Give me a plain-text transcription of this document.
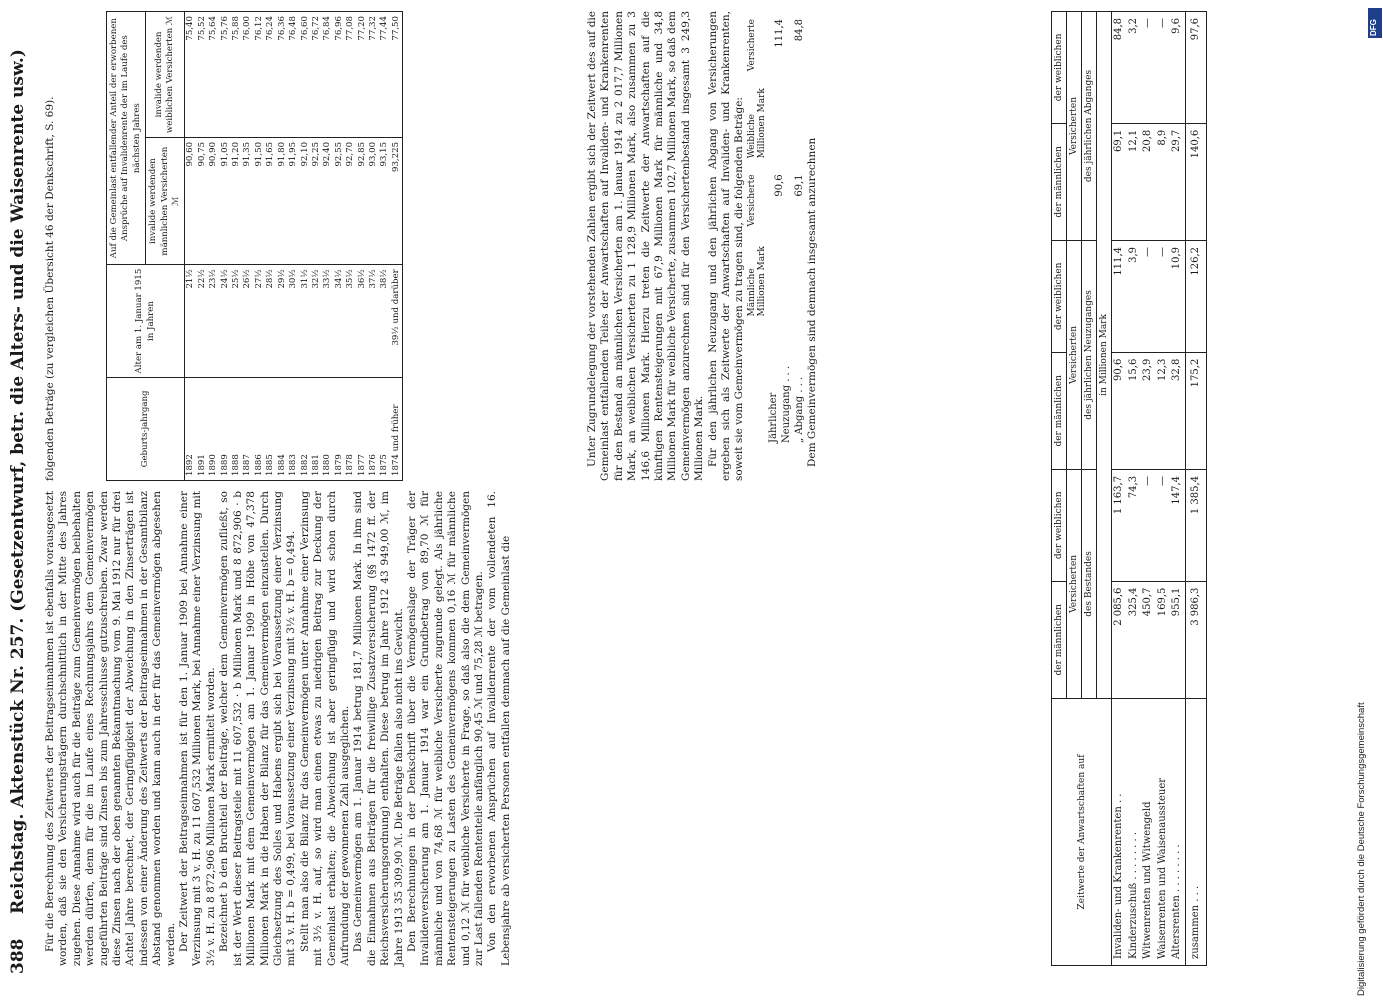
388
Reichstag. Aktenstück Nr. 257. (Gesetzentwurf, betr. die Alters- und die Waisenrente usw.) Für die Berechnung des Zeitwerts der Beitragseinnahmen ist ebenfalls vorausgesetzt worden, daß sie den Versicherungsträgern durchschnittlich in der Mitte des Jahres zugehen. Diese Annahme wird auch für die Beiträge zum Gemeinvermögen beibehalten werden dürfen, denn für die im Laufe eines Rechnungsjahrs dem Gemeinvermögen zugeführten Beiträge sind Zinsen bis zum Jahresschlusse gutzuschreiben. Zwar werden diese Zinsen nach der oben genannten Bekanntmachung vom 9. Mai 1912 nur für drei Achtel Jahre berechnet, der Geringfügigkeit der Abweichung in den Zinserträgen ist indessen von einer Änderung des Zeitwerts der Beitragseinnahmen in der Gesamtbilanz Abstand genommen worden und kann auch in der für das Gemeinvermögen abgesehen werden. Der Zeitwert der Beitragseinnahmen ist für den 1. Januar 1909 bei Annahme einer Verzinsung mit 3 v. H. zu 11 607,532 Millionen Mark, bei Annahme einer Verzinsung mit 3½ v. H. zu 8 872,906 Millionen Mark ermittelt worden. Bezeichnet b den Bruchteil der Beiträge, welcher dem Gemeinvermögen zufließt, so ist der Wert dieser Beitragsteile mit 11 607,532 · b Millionen Mark und 8 872,906 · b Millionen Mark mit dem Gemeinvermögen am 1. Januar 1909 in Höhe von 47,378 Millionen Mark in die Haben der Bilanz für das Gemeinvermögen einzustellen. Durch Gleichsetzung des Solles und Habens ergibt sich bei Voraussetzung einer Verzinsung mit 3 v. H. b = 0,499, bei Voraussetzung einer Verzinsung mit 3½ v. H. b = 0,494. Stellt man also die Bilanz für das Gemeinvermögen unter Annahme einer Verzinsung mit 3½ v. H. auf, so wird man einen etwas zu niedrigen Beitrag zur Deckung der Gemeinlast erhalten; die Abweichung ist aber geringfügig und wird schon durch Aufrundung der gewonnenen Zahl ausgeglichen. Das Gemeinvermögen am 1. Januar 1914 betrug 181,7 Millionen Mark. In ihm sind die Einnahmen aus Beiträgen für die freiwillige Zusatzversicherung (§§ 1472 ff. der Reichsversicherungsordnung) enthalten. Diese betrug im Jahre 1912 43 949,00 ℳ, im Jahre 1913 35 309,90 ℳ. Die Beträge fallen also nicht ins Gewicht. Den Berechnungen in der Denkschrift über die Vermögenslage der Träger der Invalidenversicherung am 1. Januar 1914 war ein Grundbetrag von 89,70 ℳ für männliche und von 74,68 ℳ für weibliche Versicherte zugrunde gelegt. Als jährliche Rentensteigerungen zu Lasten des Gemeinvermögens kommen 0,16 ℳ für männliche und 0,12 ℳ für weibliche Versicherte in Frage, so daß also die dem Gemeinvermögen zur Last fallenden Rententeile anfänglich 90,45 ℳ und 75,28 ℳ betragen. Von den erworbenen Ansprüchen auf Invalidenrente der vom vollendeten 16. Lebensjahre ab versicherten Personen entfallen demnach auf die Gemeinlast die

folgenden Beträge (zu vergleichen Übersicht 46 der Denkschrift, S. 69).	Geburts-jahrgang	Alter am 1. Januar 1915 in Jahren	Auf die Gemeinlast entfallender Anteil der erworbenen Ansprüche auf Invalidenrente der im Laufe des nächsten Jahres	
		invalide werdenden männlichen Versicherten ℳ	invalide werdenden weiblichen Versicherten ℳ
1892	21½	90,60	75,40
1891	22½	90,75	75,52
1890	23½	90,90	75,64
1889	24½	91,05	75,76
1888	25½	91,20	75,88
1887	26½	91,35	76,00
1886	27½	91,50	76,12
1885	28½	91,65	76,24
1884	29½	91,80	76,36
1883	30½	91,95	76,48
1882	31½	92,10	76,60
1881	32½	92,25	76,72
1880	33½	92,40	76,84
1879	34½	92,55	76,96
1878	35½	92,70	77,08
1877	36½	92,85	77,20
1876	37½	93,00	77,32
1875	38½	93,15	77,44
1874 und früher	39½ und darüber	93,225	77,50	Unter Zugrundelegung der vorstehenden Zahlen ergibt sich der Zeitwert des auf die Gemeinlast entfallenden Teiles der Anwartschaften auf Invaliden- und Krankenrenten für den Bestand an männlichen Versicherten am 1. Januar 1914 zu 2 017,7 Millionen Mark, an weiblichen Versicherten zu 1 128,9 Millionen Mark, also zusammen zu 3 146,6 Millionen Mark. Hierzu treten die Zeitwerte der Anwartschaften auf die künftigen Rentensteigerungen mit 67,9 Millionen Mark für männliche und 34,8 Millionen Mark für weibliche Versicherte, zusammen 102,7 Millionen Mark, so daß dem Gemeinvermögen anzurechnen sind für den Versichertenbestand insgesamt 3 249,3 Millionen Mark. Für den jährlichen Neuzugang und den jährlichen Abgang von Versicherungen ergeben sich als Zeitwerte der Anwartschaften auf Invaliden- und Krankenrenten, soweit sie vom Gemeinvermögen zu tragen sind, die folgenden Beträge:

	Männliche Versicherte Millionen Mark	Weibliche Versicherte Millionen Mark
Jährlicher Neuzugang . . .	90,6	111,4
„ Abgang . . .	69,1	84,8

Dem Gemeinvermögen sind demnach insgesamt anzurechnen

Zeitwerte der Anwartschaften auf	der männlichen	der weiblichen	der männlichen	der weiblichen	der männlichen	der weiblichen
	Versicherten		Versicherten		Versicherten	
	des Bestandes		des jährlichen Neuzuganges		des jährlichen Abganges	
	in Millionen Mark					
Invaliden- und Krankenrenten . .	2 085,6	1 163,7	90,6	111,4	69,1	84,8
Kinderzuschuß . . . . . . . .	325,4	74,3	15,6	3,9	12,1	3,2
Witwenrenten und Witwengeld	450,7	—	23,9	—	20,8	—
Waisenrenten und Waisenaussteuer	169,5	—	12,3	—	8,9	—
Altersrenten . . . . . . . .	955,1	147,4	32,8	10,9	29,7	9,6
zusammen . . .	3 986,3	1 385,4	175,2	126,2	140,6	97,6
Digitalisierung gefördert durch die Deutsche Forschungsgemeinschaft
DFG
